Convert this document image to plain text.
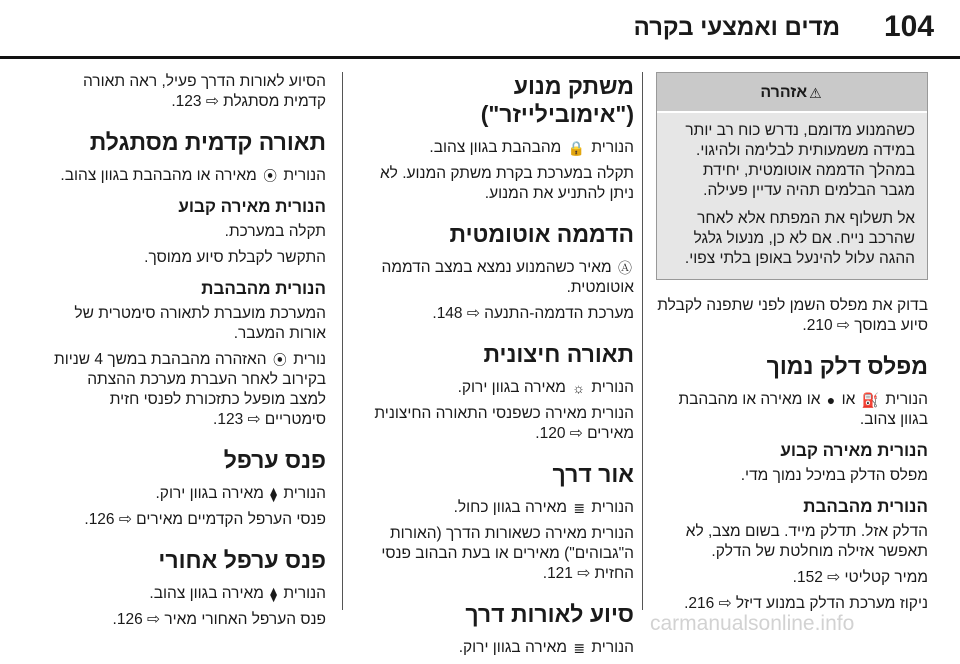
104
מדים ואמצעי בקרה
⚠אזהרה

כשהמנוע מדומם, נדרש כוח רב יותר במידה משמעותית לבלימה ולהיגוי. במהלך הדממה אוטומטית, יחידת מגבר הבלמים תהיה עדיין פעילה.

אל תשלוף את המפתח אלא לאחר שהרכב נייח. אם לא כן, מנעול גלגל ההגה עלול להינעל באופן בלתי צפוי.

בדוק את מפלס השמן לפני שתפנה לקבלת סיוע במוסך ⇨ 210.

מפלס דלק נמוך

הנורית ⛽ או ● או מאירה או מהבהבת בגוון צהוב.

הנורית מאירה קבוע

מפלס הדלק במיכל נמוך מדי.

הנורית מהבהבת

הדלק אזל. תדלק מייד. בשום מצב, לא תאפשר אזילה מוחלטת של הדלק.

ממיר קטליטי ⇨ 152.

ניקוז מערכת הדלק במנוע דיזל ⇨ 216.

משתק מנוע ("אימובילייזר")

הנורית 🔒 מהבהבת בגוון צהוב.

תקלה במערכת בקרת משתק המנוע. לא ניתן להתניע את המנוע.

הדממה אוטומטית

Ⓐ מאיר כשהמנוע נמצא במצב הדממה אוטומטית.

מערכת הדממה-התנעה ⇨ 148.

תאורה חיצונית

הנורית ☼ מאירה בגוון ירוק.

הנורית מאירה כשפנסי התאורה החיצונית מאירים ⇨ 120.

אור דרך

הנורית ≣ מאירה בגוון כחול.

הנורית מאירה כשאורות הדרך (האורות ה"גבוהים") מאירים או בעת הבהוב פנסי החזית ⇨ 121.

סיוע לאורות דרך

הנורית ≣ מאירה בגוון ירוק.

הסיוע לאורות הדרך פעיל, ראה תאורה קדמית מסתגלת ⇨ 123.

תאורה קדמית מסתגלת

הנורית ⦿ מאירה או מהבהבת בגוון צהוב.

הנורית מאירה קבוע

תקלה במערכת.

התקשר לקבלת סיוע ממוסך.

הנורית מהבהבת

המערכת מועברת לתאורה סימטרית של אורות המעבר.

נורית ⦿ האזהרה מהבהבת במשך 4 שניות בקירוב לאחר העברת מערכת ההצתה למצב מופעל כתזכורת לפנסי חזית סימטריים ⇨ 123.

פנס ערפל

הנורית ⧫ מאירה בגוון ירוק.

פנסי הערפל הקדמיים מאירים ⇨ 126.

פנס ערפל אחורי

הנורית ⧫ מאירה בגוון צהוב.

פנס הערפל האחורי מאיר ⇨ 126.	carmanualsonline.info
